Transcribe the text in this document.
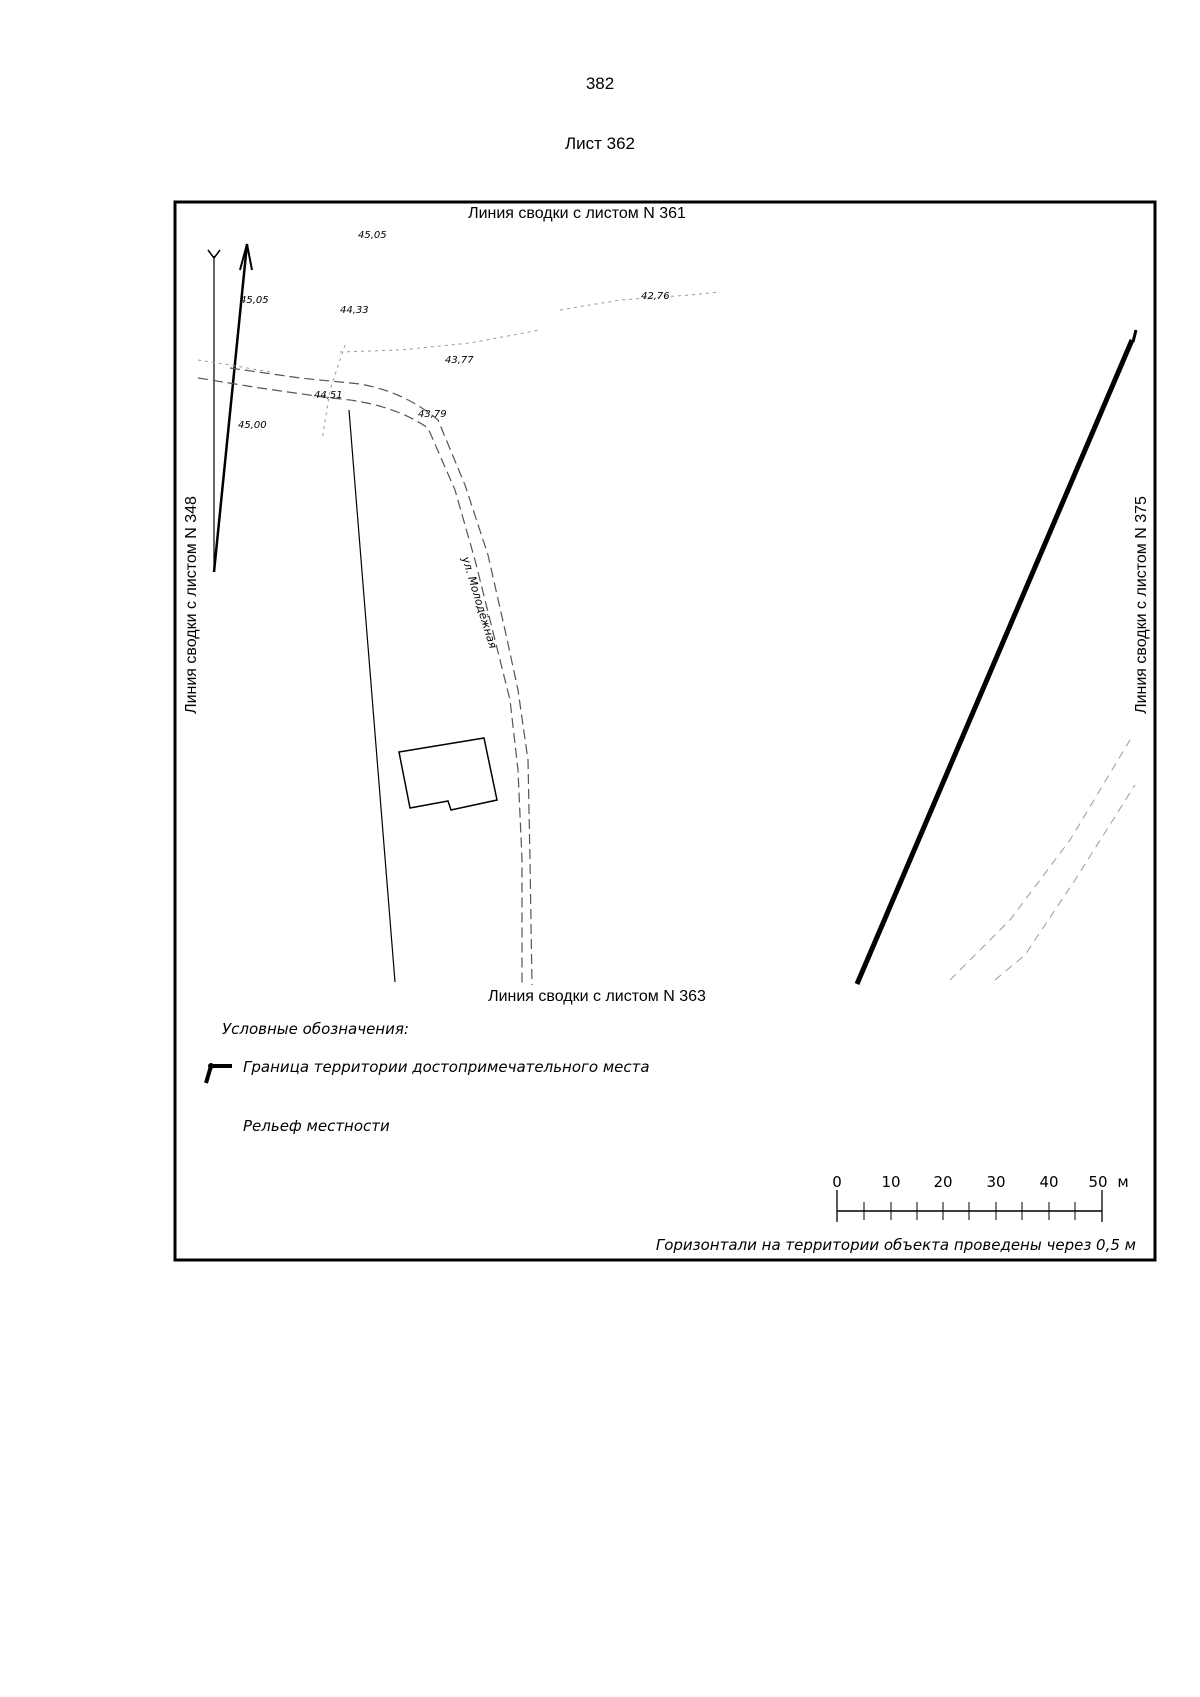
382
Лист 362
Линия сводки с листом N 361
Линия сводки с листом N 363
Линия сводки с листом N 348	Линия сводки с листом N 375
45,05
45,05
44,33
42,76
43,77
44,51
43,79
45,00
ул. Молодёжная
Условные обозначения:
Граница территории достопримечательного места
Рельеф местности
0	10 20 30 40 50 м
Горизонтали на территории объекта проведены через 0,5 м
